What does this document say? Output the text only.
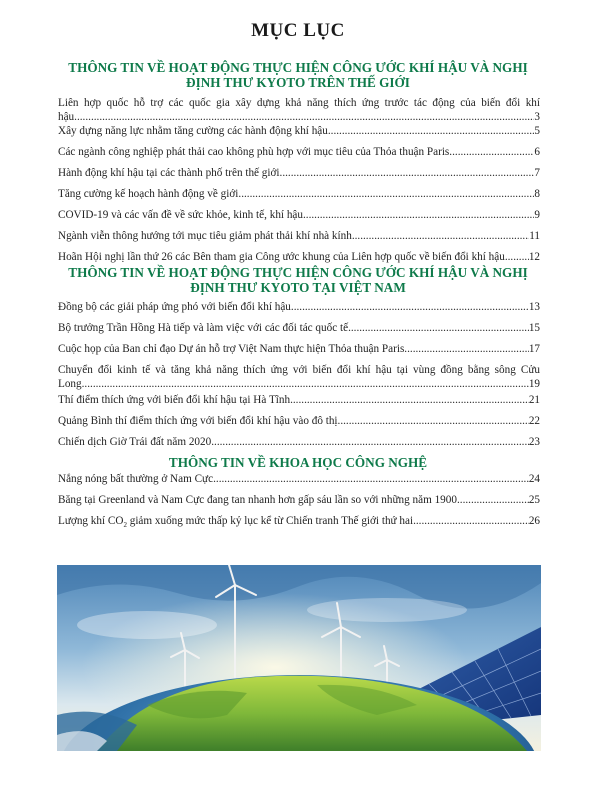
MỤC LỤC
THÔNG TIN VỀ HOẠT ĐỘNG THỰC HIỆN CÔNG ƯỚC KHÍ HẬU VÀ NGHỊ
ĐỊNH THƯ KYOTO TRÊN THẾ GIỚI
Liên hợp quốc hỗ trợ các quốc gia xây dựng khả năng thích ứng trước tác động của biến đổi khí
hậu .....	3
Xây dựng năng lực nhằm tăng cường các hành động khí hậu .....	5
Các ngành công nghiệp phát thải cao không phù hợp với mục tiêu của Thỏa thuận Paris .....	6
Hành động khí hậu tại các thành phố trên thế giới .....	7
Tăng cường kế hoạch hành động về giới .....	8
COVID-19 và các vấn đề về sức khỏe, kinh tế, khí hậu .....	9
Ngành viễn thông hướng tới mục tiêu giảm phát thải khí nhà kính .....	11
Hoãn Hội nghị lần thứ 26 các Bên tham gia Công ước khung của Liên hợp quốc về biến đổi khí hậu ..... 12
THÔNG TIN VỀ HOẠT ĐỘNG THỰC HIỆN CÔNG ƯỚC KHÍ HẬU VÀ NGHỊ
ĐỊNH THƯ KYOTO TẠI VIỆT NAM
Đồng bộ các giải pháp ứng phó với biến đổi khí hậu .....	13
Bộ trưởng Trần Hồng Hà tiếp và làm việc với các đối tác quốc tế .....	15
Cuộc họp của Ban chỉ đạo Dự án hỗ trợ Việt Nam thực hiện Thỏa thuận Paris .....	17
Chuyển đổi kinh tế và tăng khả năng thích ứng với biến đổi khí hậu tại vùng đồng bằng sông Cửu
Long .....	19
Thí điểm thích ứng với biến đổi khí hậu tại Hà Tĩnh .....	21
Quảng Bình thí điểm thích ứng với biến đổi khí hậu vào đô thị .....	22
Chiến dịch Giờ Trái đất năm 2020 .....	23
THÔNG TIN VỀ KHOA HỌC CÔNG NGHỆ
Nắng nóng bất thường ở Nam Cực .....	24
Băng tại Greenland và Nam Cực đang tan nhanh hơn gấp sáu lần so với những năm 1900 .....	25
Lượng khí $CO_2$ giảm xuống mức thấp kỷ lục kể từ Chiến tranh Thế giới thứ hai .....	26
